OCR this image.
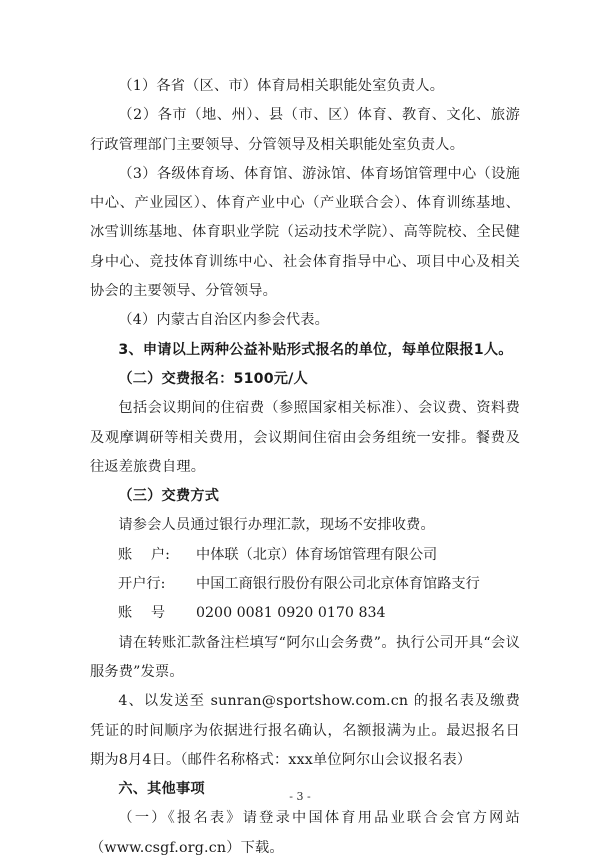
（1）各省（区、市）体育局相关职能处室负责人。

（2）各市（地、州）、县（市、区）体育、教育、文化、旅游行政管理部门主要领导、分管领导及相关职能处室负责人。

（3）各级体育场、体育馆、游泳馆、体育场馆管理中心（设施中心、产业园区）、体育产业中心（产业联合会）、体育训练基地、冰雪训练基地、体育职业学院（运动技术学院）、高等院校、全民健身中心、竞技体育训练中心、社会体育指导中心、项目中心及相关协会的主要领导、分管领导。

（4）内蒙古自治区内参会代表。

3、申请以上两种公益补贴形式报名的单位，每单位限报1人。

（二）交费报名：5100元/人

包括会议期间的住宿费（参照国家相关标准）、会议费、资料费及观摩调研等相关费用，会议期间住宿由会务组统一安排。餐费及往返差旅费自理。

（三）交费方式

请参会人员通过银行办理汇款，现场不安排收费。

账　 户:	中体联（北京）体育场馆管理有限公司
开户行:	中国工商银行股份有限公司北京体育馆路支行
账　 号	0200 0081 0920 0170 834

请在转账汇款备注栏填写“阿尔山会务费”。执行公司开具“会议服务费”发票。

4、以发送至 sunran@sportshow.com.cn 的报名表及缴费凭证的时间顺序为依据进行报名确认，名额报满为止。最迟报名日期为8月4日。（邮件名称格式：xxx单位阿尔山会议报名表）

六、其他事项

（一）《报名表》请登录中国体育用品业联合会官方网站（www.csgf.org.cn）下载。

- 3 -
